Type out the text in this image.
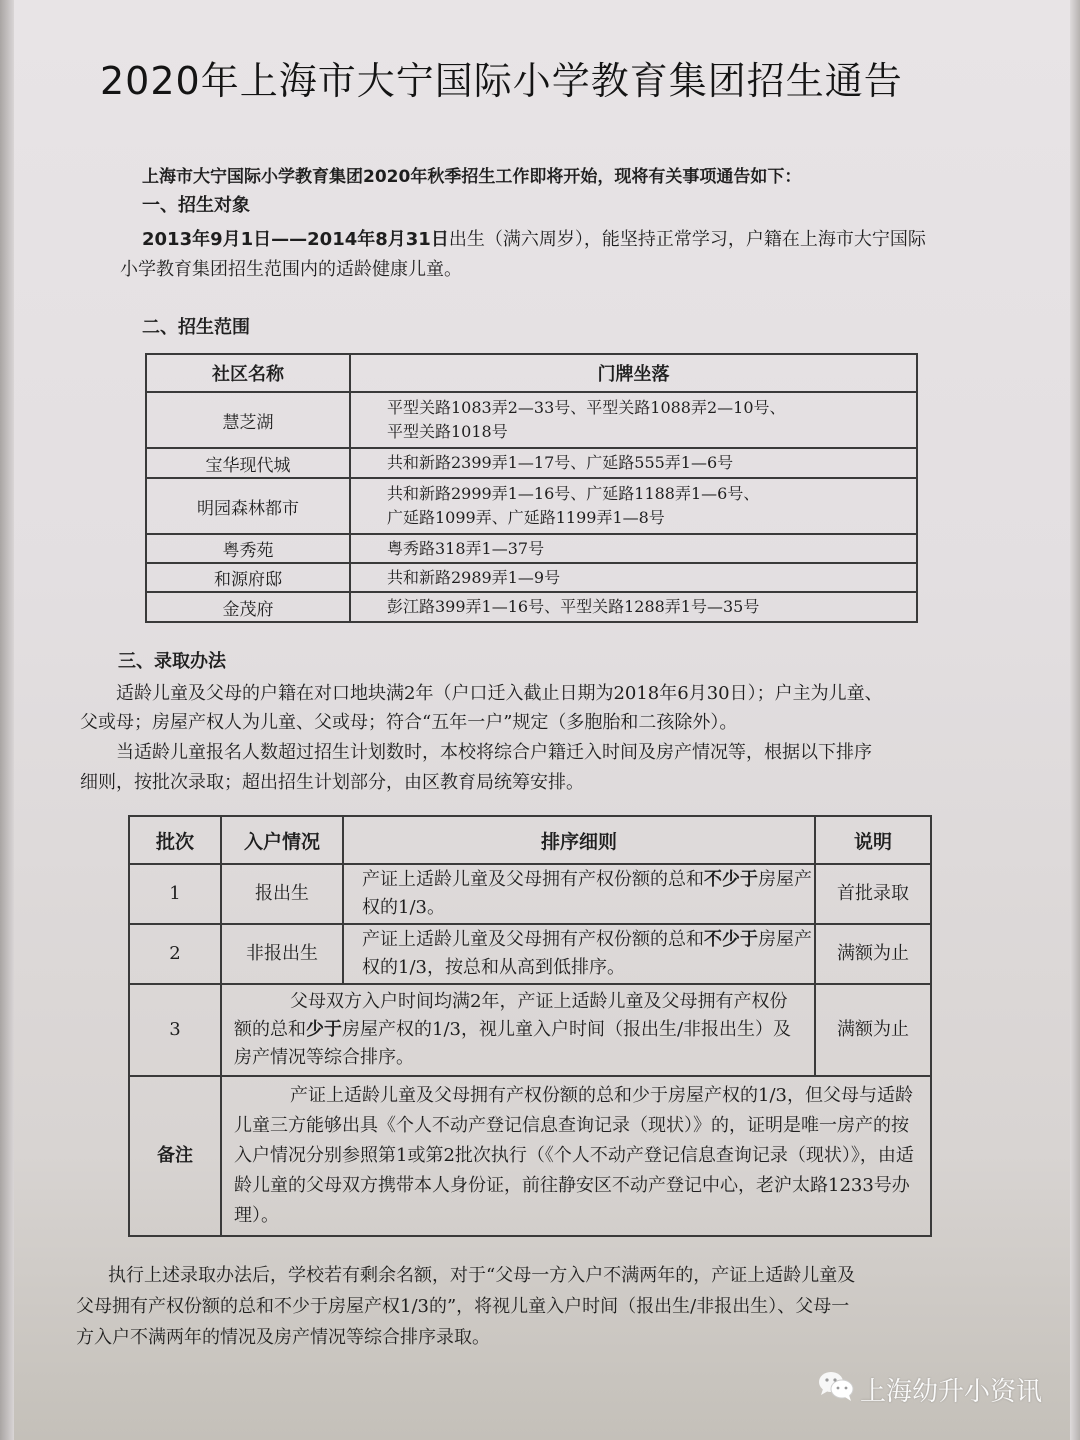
2020年上海市大宁国际小学教育集团招生通告
上海市大宁国际小学教育集团2020年秋季招生工作即将开始，现将有关事项通告如下：
一、招生对象
2013年9月1日——2014年8月31日出生（满六周岁），能坚持正常学习，户籍在上海市大宁国际
小学教育集团招生范围内的适龄健康儿童。
二、招生范围
社区名称	门牌坐落
慧芝湖	平型关路1083弄2—33号、平型关路1088弄2—10号、
平型关路1018号

宝华现代城	共和新路2399弄1—17号、广延路555弄1—6号

明园森林都市	共和新路2999弄1—16号、广延路1188弄1—6号、
广延路1099弄、广延路1199弄1—8号

粤秀苑	粤秀路318弄1—37号

和源府邸	共和新路2989弄1—9号

金茂府	彭江路399弄1—16号、平型关路1288弄1号—35号
三、录取办法
适龄儿童及父母的户籍在对口地块满2年（户口迁入截止日期为2018年6月30日）；户主为儿童、
父或母；房屋产权人为儿童、父或母；符合“五年一户”规定（多胞胎和二孩除外）。
当适龄儿童报名人数超过招生计划数时，本校将综合户籍迁入时间及房产情况等，根据以下排序
细则，按批次录取；超出招生计划部分，由区教育局统筹安排。
批次	入户情况	排序细则	说明
1	报出生	产证上适龄儿童及父母拥有产权份额的总和不少于房屋产权的1/3。	首批录取
2	非报出生	产证上适龄儿童及父母拥有产权份额的总和不少于房屋产权的1/3，按总和从高到低排序。	满额为止
3	父母双方入户时间均满2年，产证上适龄儿童及父母拥有产权份额的总和少于房屋产权的1/3，视儿童入户时间（报出生/非报出生）及房产情况等综合排序。		满额为止
备注	产证上适龄儿童及父母拥有产权份额的总和少于房屋产权的1/3，但父母与适龄儿童三方能够出具《个人不动产登记信息查询记录（现状）》的，证明是唯一房产的按入户情况分别参照第1或第2批次执行（《个人不动产登记信息查询记录（现状）》，由适龄儿童的父母双方携带本人身份证，前往静安区不动产登记中心，老沪太路1233号办理）。		
执行上述录取办法后，学校若有剩余名额，对于“父母一方入户不满两年的，产证上适龄儿童及
父母拥有产权份额的总和不少于房屋产权1/3的”，将视儿童入户时间（报出生/非报出生）、父母一
方入户不满两年的情况及房产情况等综合排序录取。
上海幼升小资讯
